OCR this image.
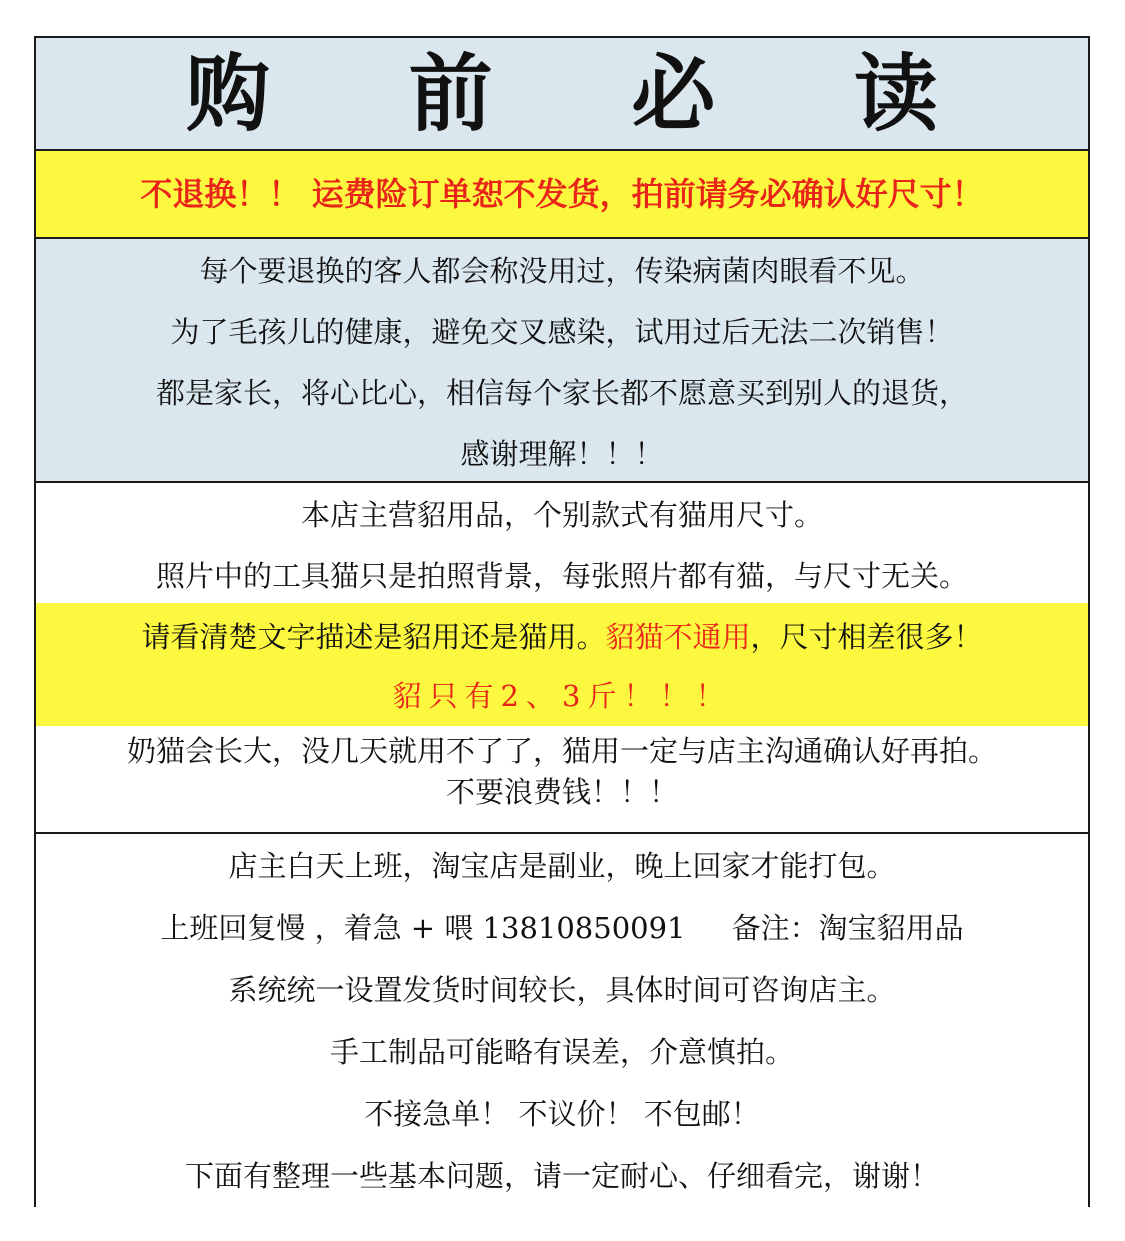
购 前 必 读
不退换！！ 运费险订单恕不发货，拍前请务必确认好尺寸！
每个要退换的客人都会称没用过，传染病菌肉眼看不见。
为了毛孩儿的健康，避免交叉感染，试用过后无法二次销售！
都是家长，将心比心，相信每个家长都不愿意买到别人的退货，
感谢理解！！！
本店主营貂用品，个别款式有猫用尺寸。
照片中的工具猫只是拍照背景，每张照片都有猫，与尺寸无关。
请看清楚文字描述是貂用还是猫用。貂猫不通用，尺寸相差很多！
貂只有2、3斤！！！
奶猫会长大，没几天就用不了了，猫用一定与店主沟通确认好再拍。
不要浪费钱！！！
店主白天上班，淘宝店是副业，晚上回家才能打包。
上班回复慢 ，着急 + 喂 13810850091     备注：淘宝貂用品
系统统一设置发货时间较长，具体时间可咨询店主。
手工制品可能略有误差，介意慎拍。
不接急单！ 不议价！ 不包邮！
下面有整理一些基本问题，请一定耐心、仔细看完，谢谢！
